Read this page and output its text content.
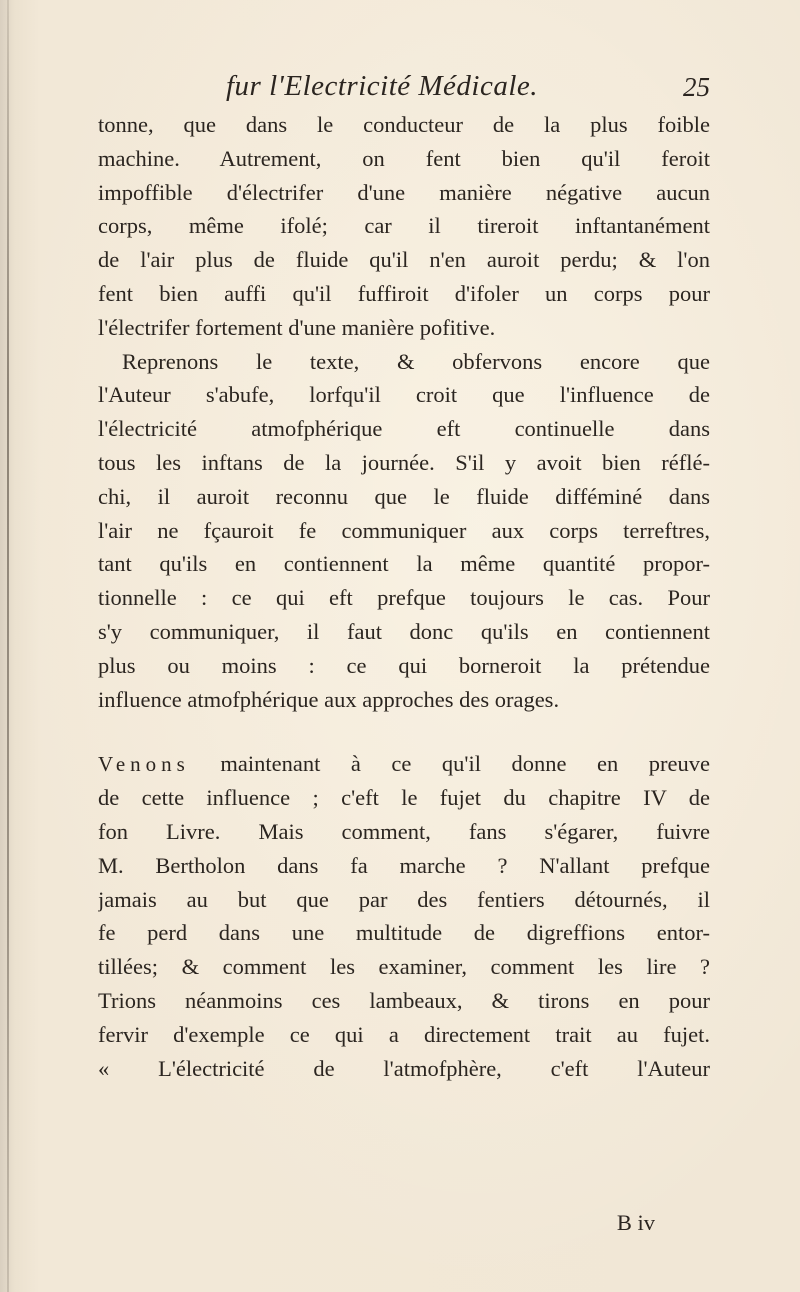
fur l'Electricité Médicale.	25
tonne, que dans le conducteur de la plus foible
machine. Autrement, on fent bien qu'il feroit
impoffible d'électrifer d'une manière négative aucun
corps, même ifolé; car il tireroit inftantanément
de l'air plus de fluide qu'il n'en auroit perdu; & l'on
fent bien auffi qu'il fuffiroit d'ifoler un corps pour
l'électrifer fortement d'une manière pofitive.
Reprenons le texte, & obfervons encore que
l'Auteur s'abufe, lorfqu'il croit que l'influence de
l'électricité atmofphérique eft continuelle dans
tous les inftans de la journée. S'il y avoit bien réflé-
chi, il auroit reconnu que le fluide difféminé dans
l'air ne fçauroit fe communiquer aux corps terreftres,
tant qu'ils en contiennent la même quantité propor-
tionnelle : ce qui eft prefque toujours le cas. Pour
s'y communiquer, il faut donc qu'ils en contiennent
plus ou moins : ce qui borneroit la prétendue
influence atmofphérique aux approches des orages.
Venons maintenant à ce qu'il donne en preuve
de cette influence ; c'eft le fujet du chapitre IV de
fon Livre. Mais comment, fans s'égarer, fuivre
M. Bertholon dans fa marche ? N'allant prefque
jamais au but que par des fentiers détournés, il
fe perd dans une multitude de digreffions entor-
tillées; & comment les examiner, comment les lire ?
Trions néanmoins ces lambeaux, & tirons en pour
fervir d'exemple ce qui a directement trait au fujet.
« L'électricité de l'atmofphère, c'eft l'Auteur
B iv
